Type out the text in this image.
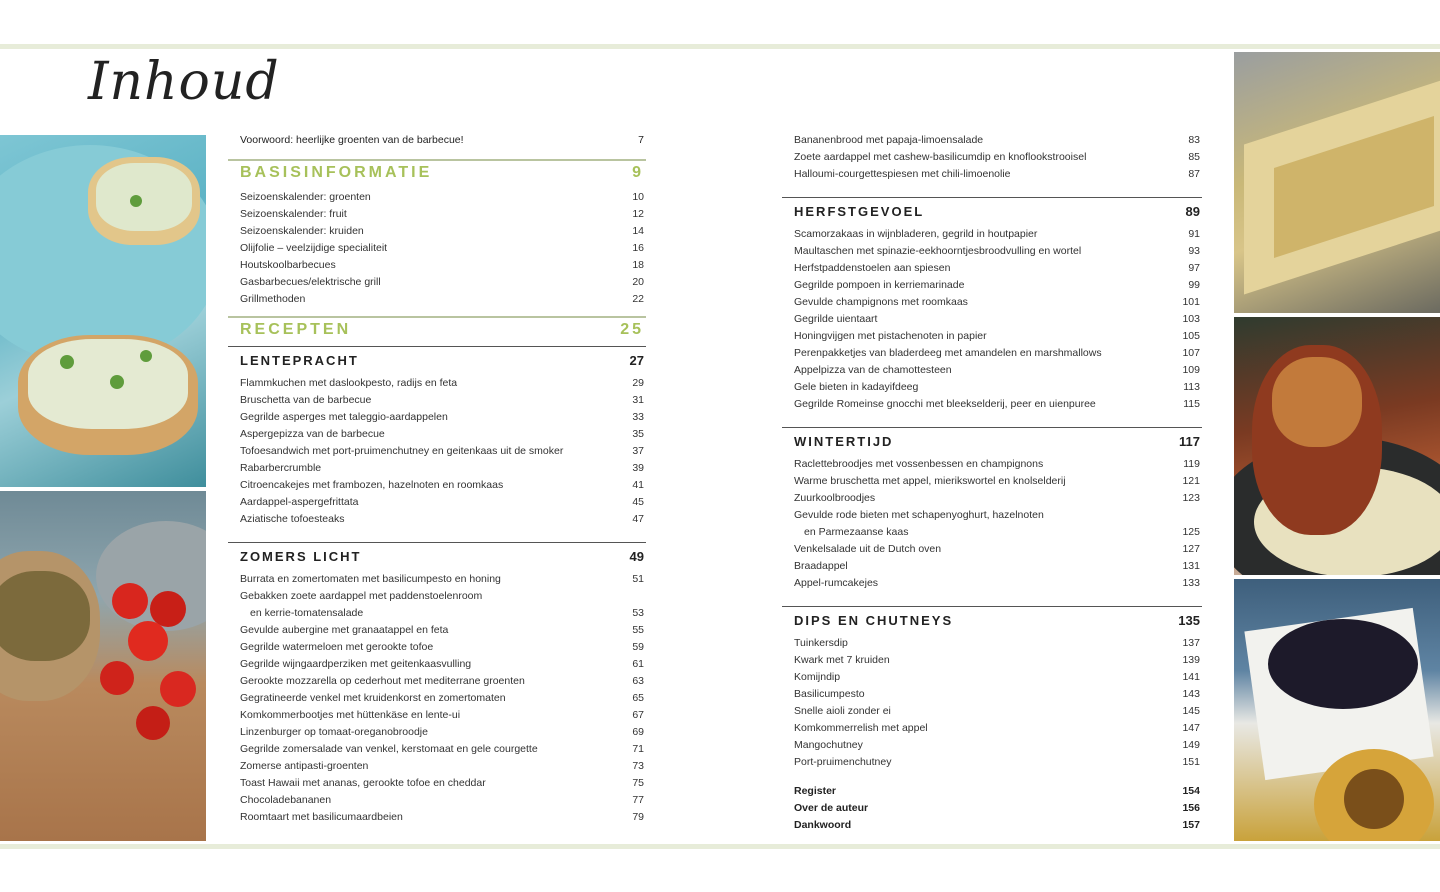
Inhoud
Voorwoord: heerlijke groenten van de barbecue!	7
BASISINFORMATIE	9
Seizoenskalender: groenten	10
Seizoenskalender: fruit	12
Seizoenskalender: kruiden	14
Olijfolie – veelzijdige specialiteit	16
Houtskoolbarbecues	18
Gasbarbecues/elektrische grill	20
Grillmethoden	22
RECEPTEN	25
LENTEPRACHT	27
Flammkuchen met daslookpesto, radijs en feta	29
Bruschetta van de barbecue	31
Gegrilde asperges met taleggio-aardappelen	33
Aspergepizza van de barbecue	35
Tofoesandwich met port-pruimenchutney en geitenkaas uit de smoker	37
Rabarbercrumble	39
Citroencakejes met frambozen, hazelnoten en roomkaas	41
Aardappel-aspergefrittata	45
Aziatische tofoesteaks	47
ZOMERS LICHT	49
Burrata en zomertomaten met basilicumpesto en honing	51
Gebakken zoete aardappel met paddenstoelenroom
en kerrie-tomatensalade	53
Gevulde aubergine met granaatappel en feta	55
Gegrilde watermeloen met gerookte tofoe	59
Gegrilde wijngaardperziken met geitenkaasvulling	61
Gerookte mozzarella op cederhout met mediterrane groenten	63
Gegratineerde venkel met kruidenkorst en zomertomaten	65
Komkommerbootjes met hüttenkäse en lente-ui	67
Linzenburger op tomaat-oreganobroodje	69
Gegrilde zomersalade van venkel, kerstomaat en gele courgette	71
Zomerse antipasti-groenten	73
Toast Hawaii met ananas, gerookte tofoe en cheddar	75
Chocoladebananen	77
Roomtaart met basilicumaardbeien	79
Bananenbrood met papaja-limoensalade	83
Zoete aardappel met cashew-basilicumdip en knoflookstrooisel	85
Halloumi-courgettespiesen met chili-limoenolie	87
HERFSTGEVOEL	89
Scamorzakaas in wijnbladeren, gegrild in houtpapier	91
Maultaschen met spinazie-eekhoorntjesbroodvulling en wortel	93
Herfstpaddenstoelen aan spiesen	97
Gegrilde pompoen in kerriemarinade	99
Gevulde champignons met roomkaas	101
Gegrilde uientaart	103
Honingvijgen met pistachenoten in papier	105
Perenpakketjes van bladerdeeg met amandelen en marshmallows	107
Appelpizza van de chamottesteen	109
Gele bieten in kadayifdeeg	113
Gegrilde Romeinse gnocchi met bleekselderij, peer en uienpuree	115
WINTERTIJD	117
Raclettebroodjes met vossenbessen en champignons	119
Warme bruschetta met appel, mierikswortel en knolselderij	121
Zuurkoolbroodjes	123
Gevulde rode bieten met schapenyoghurt, hazelnoten
en Parmezaanse kaas	125
Venkelsalade uit de Dutch oven	127
Braadappel	131
Appel-rumcakejes	133
DIPS EN CHUTNEYS	135
Tuinkersdip	137
Kwark met 7 kruiden	139
Komijndip	141
Basilicumpesto	143
Snelle aioli zonder ei	145
Komkommerrelish met appel	147
Mangochutney	149
Port-pruimenchutney	151
Register	154
Over de auteur	156
Dankwoord	157
